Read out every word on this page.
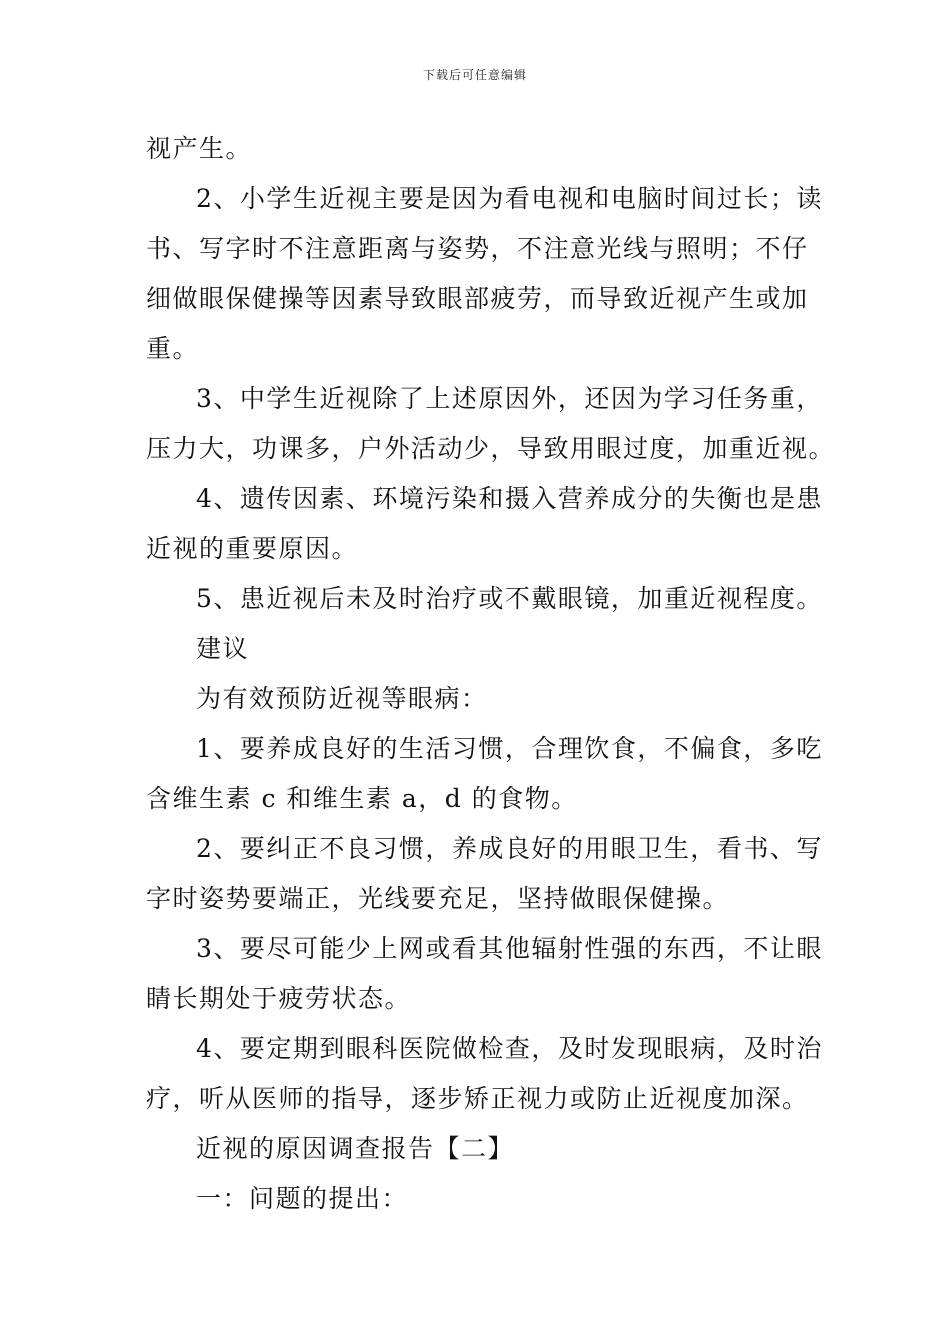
下载后可任意编辑
视产生。
2、小学生近视主要是因为看电视和电脑时间过长；读
书、写字时不注意距离与姿势，不注意光线与照明；不仔
细做眼保健操等因素导致眼部疲劳，而导致近视产生或加
重。
3、中学生近视除了上述原因外，还因为学习任务重，
压力大，功课多，户外活动少，导致用眼过度，加重近视。
4、遗传因素、环境污染和摄入营养成分的失衡也是患
近视的重要原因。
5、患近视后未及时治疗或不戴眼镜，加重近视程度。
建议
为有效预防近视等眼病：
1、要养成良好的生活习惯，合理饮食，不偏食，多吃
含维生素 c 和维生素 a，d 的食物。
2、要纠正不良习惯，养成良好的用眼卫生，看书、写
字时姿势要端正，光线要充足，坚持做眼保健操。
3、要尽可能少上网或看其他辐射性强的东西，不让眼
睛长期处于疲劳状态。
4、要定期到眼科医院做检查，及时发现眼病，及时治
疗，听从医师的指导，逐步矫正视力或防止近视度加深。
近视的原因调查报告【二】
一：问题的提出：
